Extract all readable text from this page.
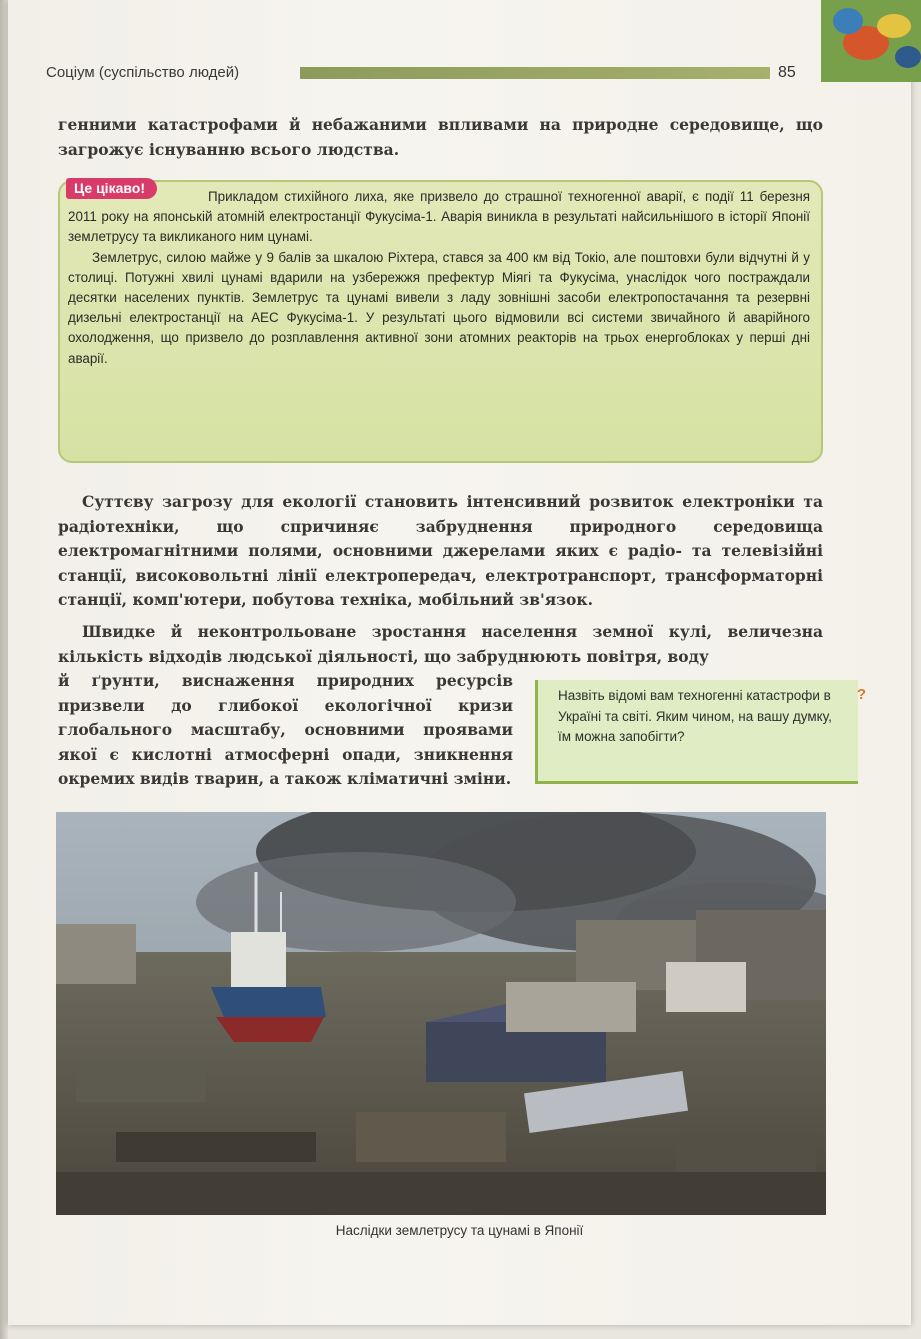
Соціум (суспільство людей)	85
генними катастрофами й небажаними впливами на природне середовище, що загрожує існуванню всього людства.

Прикладом стихійного лиха, яке призвело до страшної техногенної аварії, є події 11 березня 2011 року на японській атомній електростанції Фукусіма-1. Аварія виникла в результаті найсильнішого в історії Японії землетрусу та викликаного ним цунамі.

Землетрус, силою майже у 9 балів за шкалою Ріхтера, стався за 400 км від Токіо, але поштовхи були відчутні й у столиці. Потужні хвилі цунамі вдарили на узбережжя префектур Міягі та Фукусіма, унаслідок чого постраждали десятки населених пунктів. Землетрус та цунамі вивели з ладу зовнішні засоби електропостачання та резервні дизельні електростанції на АЕС Фукусіма-1. У результаті цього відмовили всі системи звичайного й аварійного охолодження, що призвело до розплавлення активної зони атомних реакторів на трьох енергоблоках у перші дні аварії.

Це цікаво!
Суттєву загрозу для екології становить інтенсивний розвиток електроніки та радіотехніки, що спричиняє забруднення природного середовища електромагнітними полями, основними джерелами яких є радіо- та телевізійні станції, високовольтні лінії електропередач, електротранспорт, трансформаторні станції, комп'ютери, побутова техніка, мобільний зв'язок.
Швидке й неконтрольоване зростання населення земної кулі, величезна кількість відходів людської діяльності, що забруднюють повітря, воду
й ґрунти, виснаження природних ресурсів призвели до глибокої екологічної кризи глобального масштабу, основними проявами якої є кислотні атмосферні опади, зникнення окремих видів тварин, а також кліматичні зміни.
Назвіть відомі вам техногенні катастрофи в Україні та світі. Яким чином, на вашу думку, їм можна запобігти?
?
Наслідки землетрусу та цунамі в Японії
